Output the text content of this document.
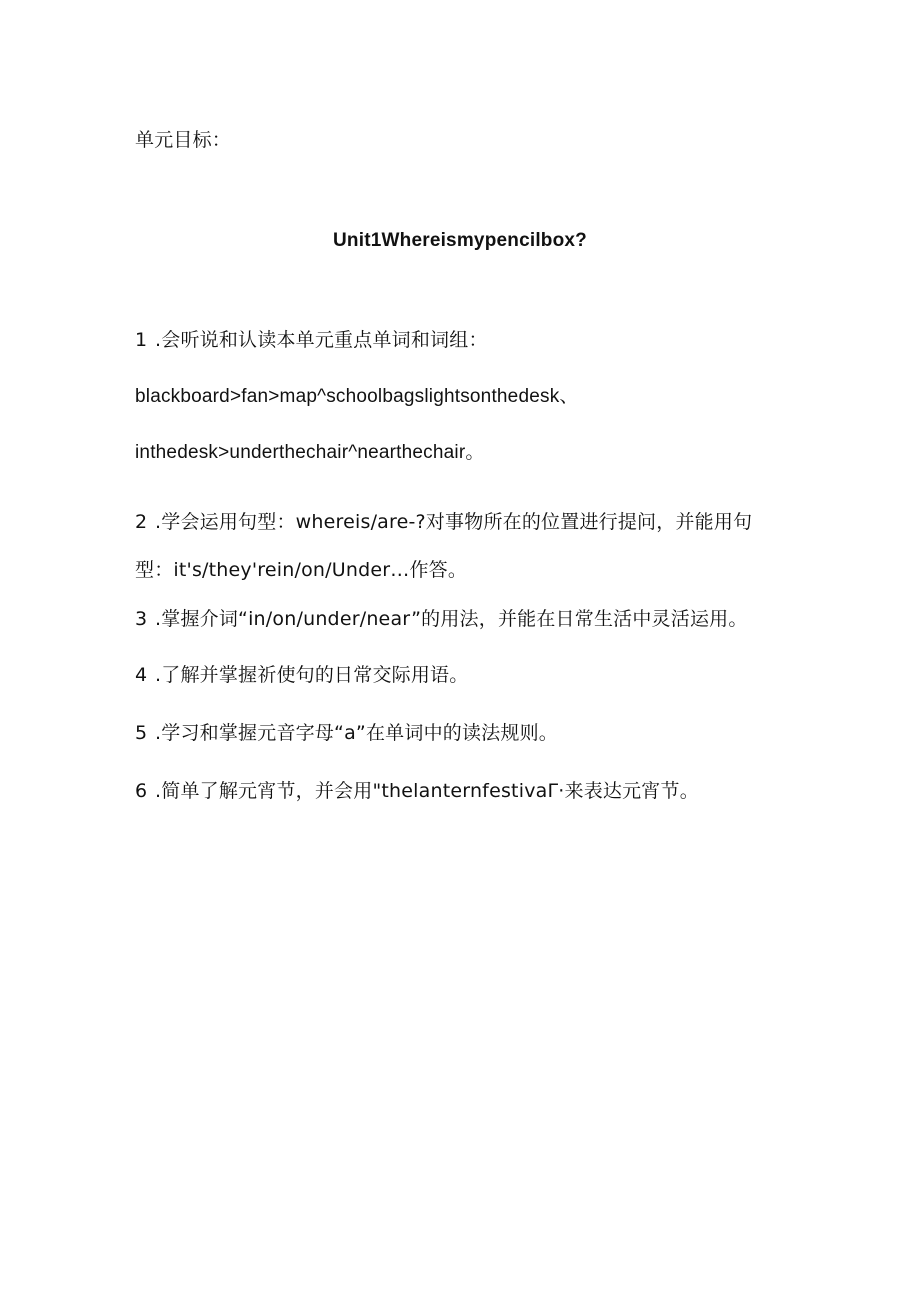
单元目标：
Unit1Whereismypencilbox?
1 .会听说和认读本单元重点单词和词组：
blackboard>fan>map^schoolbagslightsonthedesk、
inthedesk>underthechair^nearthechair。
2 .学会运用句型：whereis/are-?对事物所在的位置进行提问，并能用句
型：it's/they'rein/on/Under…作答。
3 .掌握介词“in/on/under/near”的用法，并能在日常生活中灵活运用。
4 .了解并掌握祈使句的日常交际用语。
5 .学习和掌握元音字母“a”在单词中的读法规则。
6 .简单了解元宵节，并会用"thelanternfestivaΓ·来表达元宵节。
